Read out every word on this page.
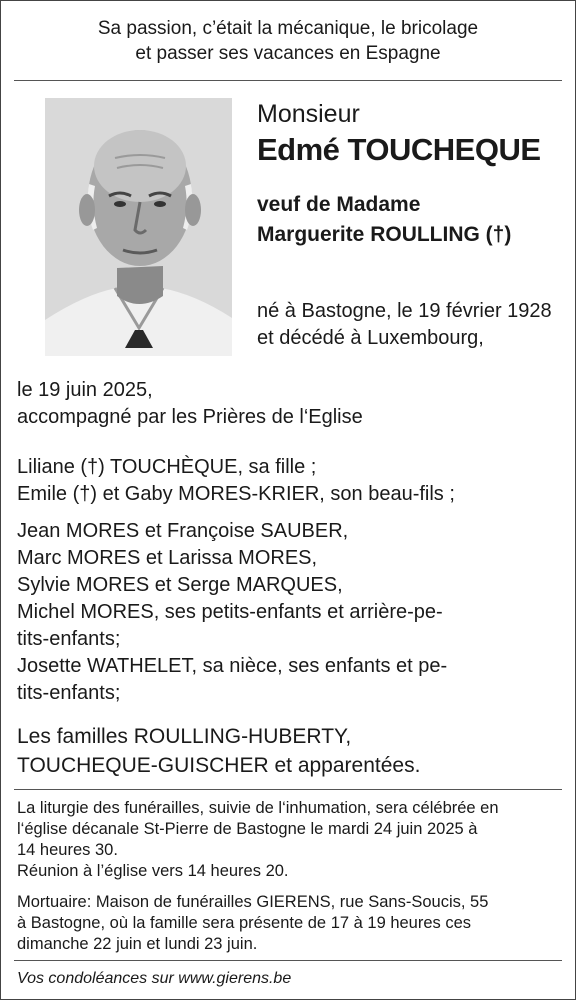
Sa passion, c’était la mécanique, le bricolage
et passer ses vacances en Espagne
Monsieur
Edmé TOUCHEQUE
veuf de Madame
Marguerite ROULLING (†)
né à Bastogne, le 19 février 1928
et décédé à Luxembourg,
le 19 juin 2025,
accompagné par les Prières de l‘Eglise
Liliane (†) TOUCHÈQUE, sa fille ;
Emile (†) et Gaby MORES-KRIER, son beau-fils ;
Jean MORES et Françoise SAUBER,
Marc MORES et Larissa MORES,
Sylvie MORES et Serge MARQUES,
Michel MORES, ses petits-enfants et arrière-pe-
tits-enfants;
Josette WATHELET, sa nièce, ses enfants et pe-
tits-enfants;
Les familles ROULLING-HUBERTY,
TOUCHEQUE-GUISCHER et apparentées.
La liturgie des funérailles, suivie de l‘inhumation, sera célébrée en
l‘église décanale St-Pierre de Bastogne le mardi 24 juin 2025 à
14 heures 30.
Réunion à l’église vers 14 heures 20.
Mortuaire: Maison de funérailles GIERENS, rue Sans-Soucis, 55
à Bastogne, où la famille sera présente de 17 à 19 heures ces
dimanche 22 juin et lundi 23 juin.
Vos condoléances sur www.gierens.be
